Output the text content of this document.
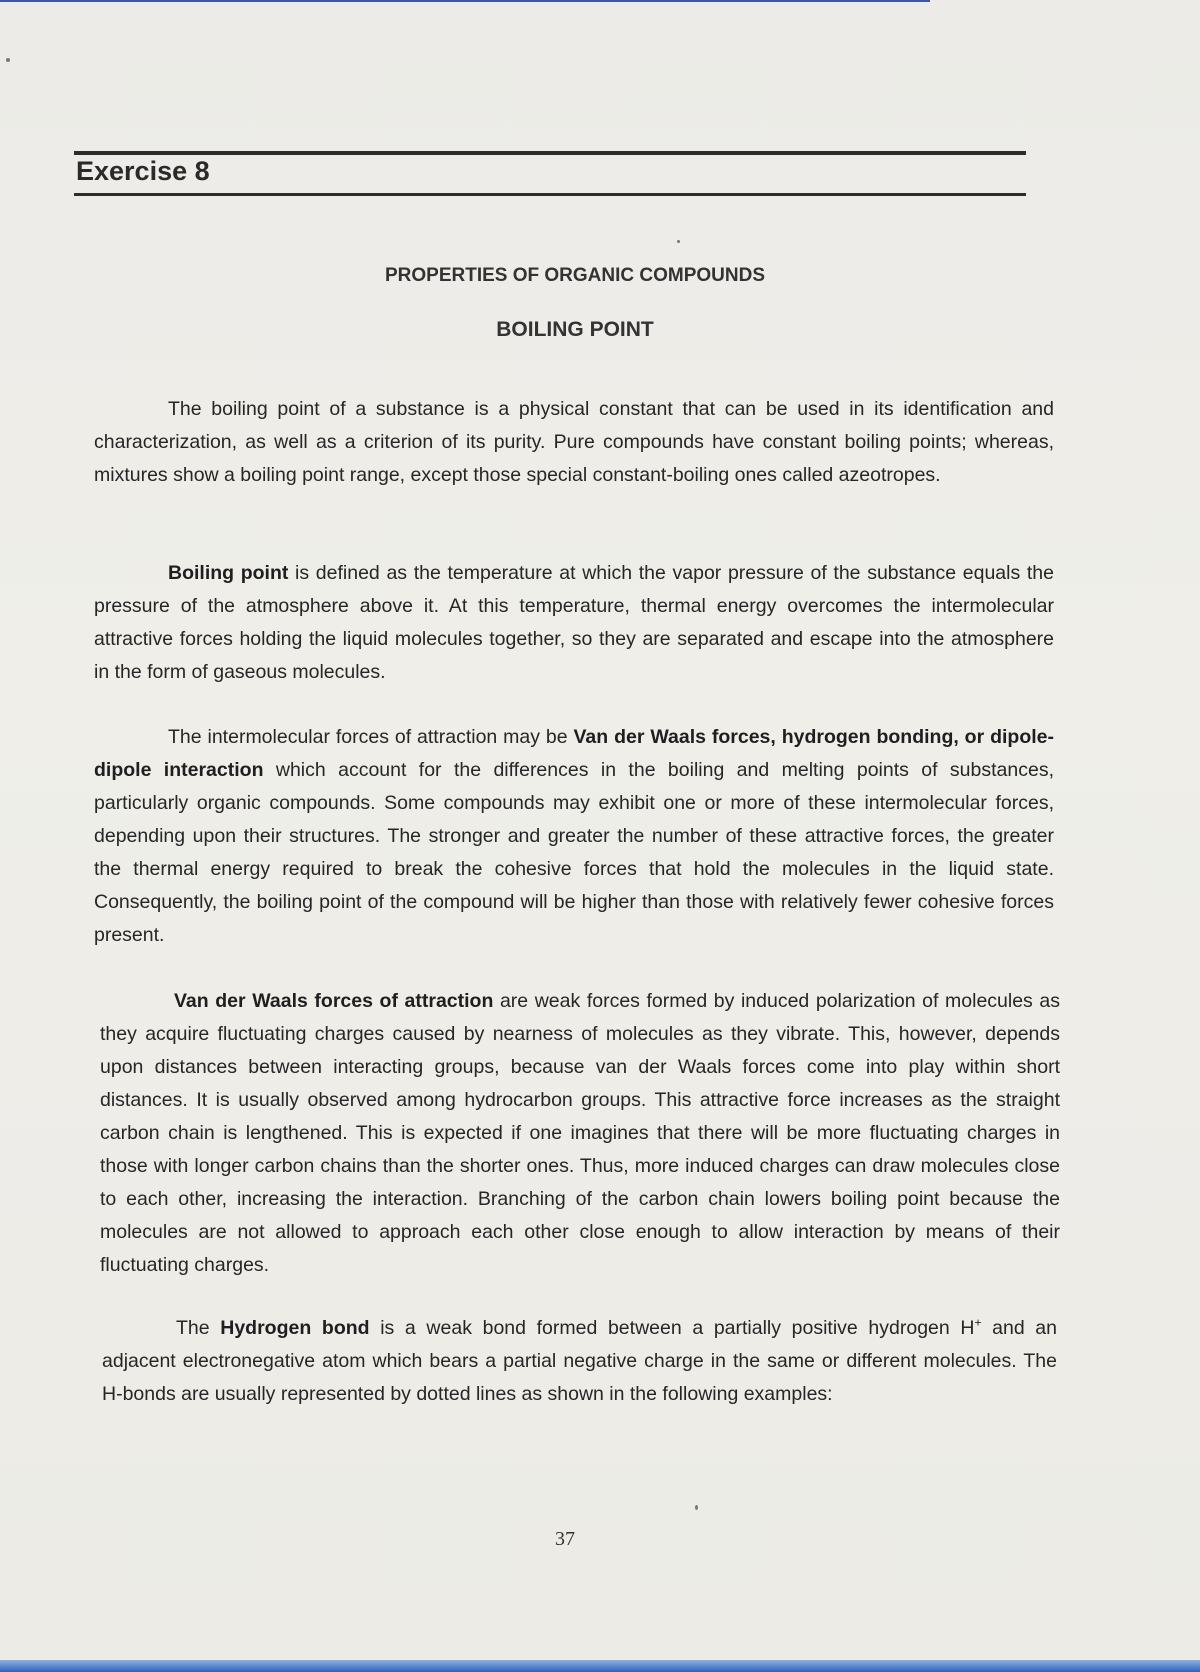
Exercise 8
PROPERTIES OF ORGANIC COMPOUNDS
BOILING POINT

The boiling point of a substance is a physical constant that can be used in its identification and characterization, as well as a criterion of its purity. Pure compounds have constant boiling points; whereas, mixtures show a boiling point range, except those special constant-boiling ones called azeotropes.

Boiling point is defined as the temperature at which the vapor pressure of the substance equals the pressure of the atmosphere above it. At this temperature, thermal energy overcomes the intermolecular attractive forces holding the liquid molecules together, so they are separated and escape into the atmosphere in the form of gaseous molecules.

The intermolecular forces of attraction may be Van der Waals forces, hydrogen bonding, or dipole-dipole interaction which account for the differences in the boiling and melting points of substances, particularly organic compounds. Some compounds may exhibit one or more of these intermolecular forces, depending upon their structures. The stronger and greater the number of these attractive forces, the greater the thermal energy required to break the cohesive forces that hold the molecules in the liquid state. Consequently, the boiling point of the compound will be higher than those with relatively fewer cohesive forces present.

Van der Waals forces of attraction are weak forces formed by induced polarization of molecules as they acquire fluctuating charges caused by nearness of molecules as they vibrate. This, however, depends upon distances between interacting groups, because van der Waals forces come into play within short distances. It is usually observed among hydrocarbon groups. This attractive force increases as the straight carbon chain is lengthened. This is expected if one imagines that there will be more fluctuating charges in those with longer carbon chains than the shorter ones. Thus, more induced charges can draw molecules close to each other, increasing the interaction. Branching of the carbon chain lowers boiling point because the molecules are not allowed to approach each other close enough to allow interaction by means of their fluctuating charges.

The Hydrogen bond is a weak bond formed between a partially positive hydrogen H+ and an adjacent electronegative atom which bears a partial negative charge in the same or different molecules. The H-bonds are usually represented by dotted lines as shown in the following examples:

37
